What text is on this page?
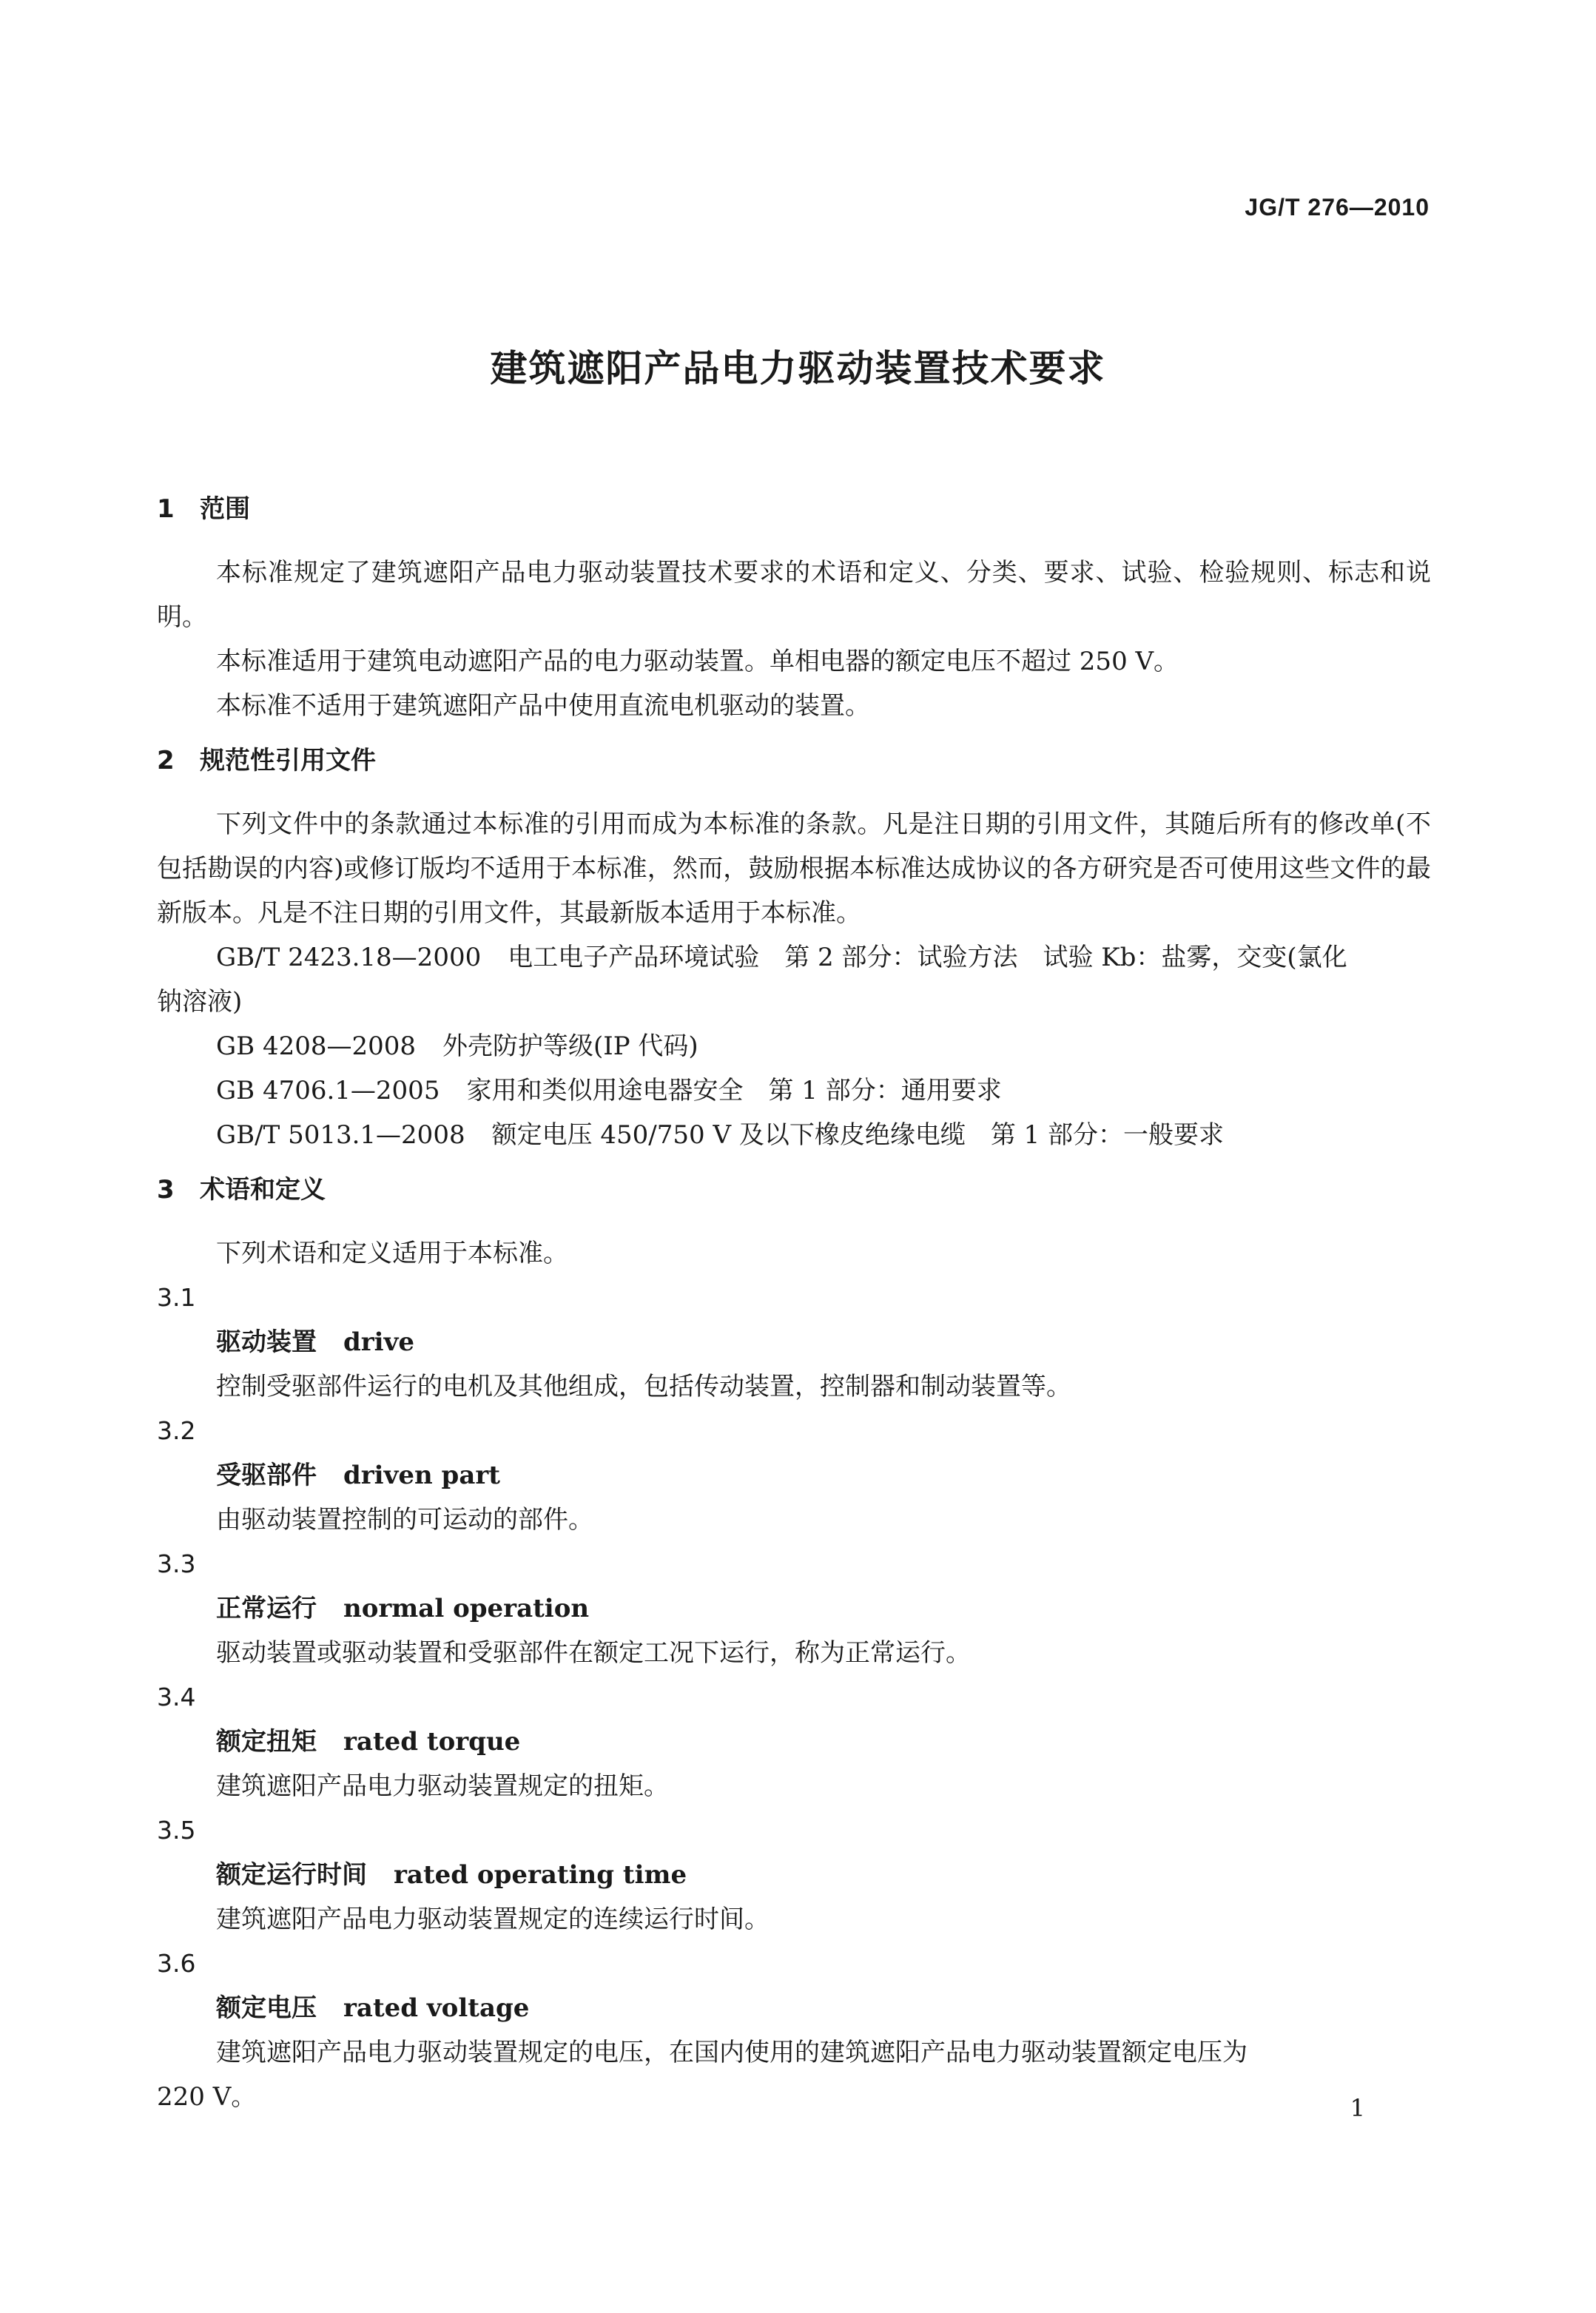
JG/T 276—2010
建筑遮阳产品电力驱动装置技术要求

1 范围

本标准规定了建筑遮阳产品电力驱动装置技术要求的术语和定义、分类、要求、试验、检验规则、标志和说明。

本标准适用于建筑电动遮阳产品的电力驱动装置。单相电器的额定电压不超过 250 V。

本标准不适用于建筑遮阳产品中使用直流电机驱动的装置。

2 规范性引用文件

下列文件中的条款通过本标准的引用而成为本标准的条款。凡是注日期的引用文件，其随后所有的修改单(不包括勘误的内容)或修订版均不适用于本标准，然而，鼓励根据本标准达成协议的各方研究是否可使用这些文件的最新版本。凡是不注日期的引用文件，其最新版本适用于本标准。

GB/T 2423.18—2000 电工电子产品环境试验　第 2 部分：试验方法　试验 Kb：盐雾，交变(氯化
钠溶液)

GB 4208—2008 外壳防护等级(IP 代码)

GB 4706.1—2005 家用和类似用途电器安全　第 1 部分：通用要求

GB/T 5013.1—2008 额定电压 450/750 V 及以下橡皮绝缘电缆　第 1 部分：一般要求

3 术语和定义

下列术语和定义适用于本标准。

3.1

驱动装置 drive

控制受驱部件运行的电机及其他组成，包括传动装置，控制器和制动装置等。

3.2

受驱部件 driven part

由驱动装置控制的可运动的部件。

3.3

正常运行 normal operation

驱动装置或驱动装置和受驱部件在额定工况下运行，称为正常运行。

3.4

额定扭矩 rated torque

建筑遮阳产品电力驱动装置规定的扭矩。

3.5

额定运行时间 rated operating time

建筑遮阳产品电力驱动装置规定的连续运行时间。

3.6

额定电压 rated voltage

建筑遮阳产品电力驱动装置规定的电压，在国内使用的建筑遮阳产品电力驱动装置额定电压为
220 V。	1
